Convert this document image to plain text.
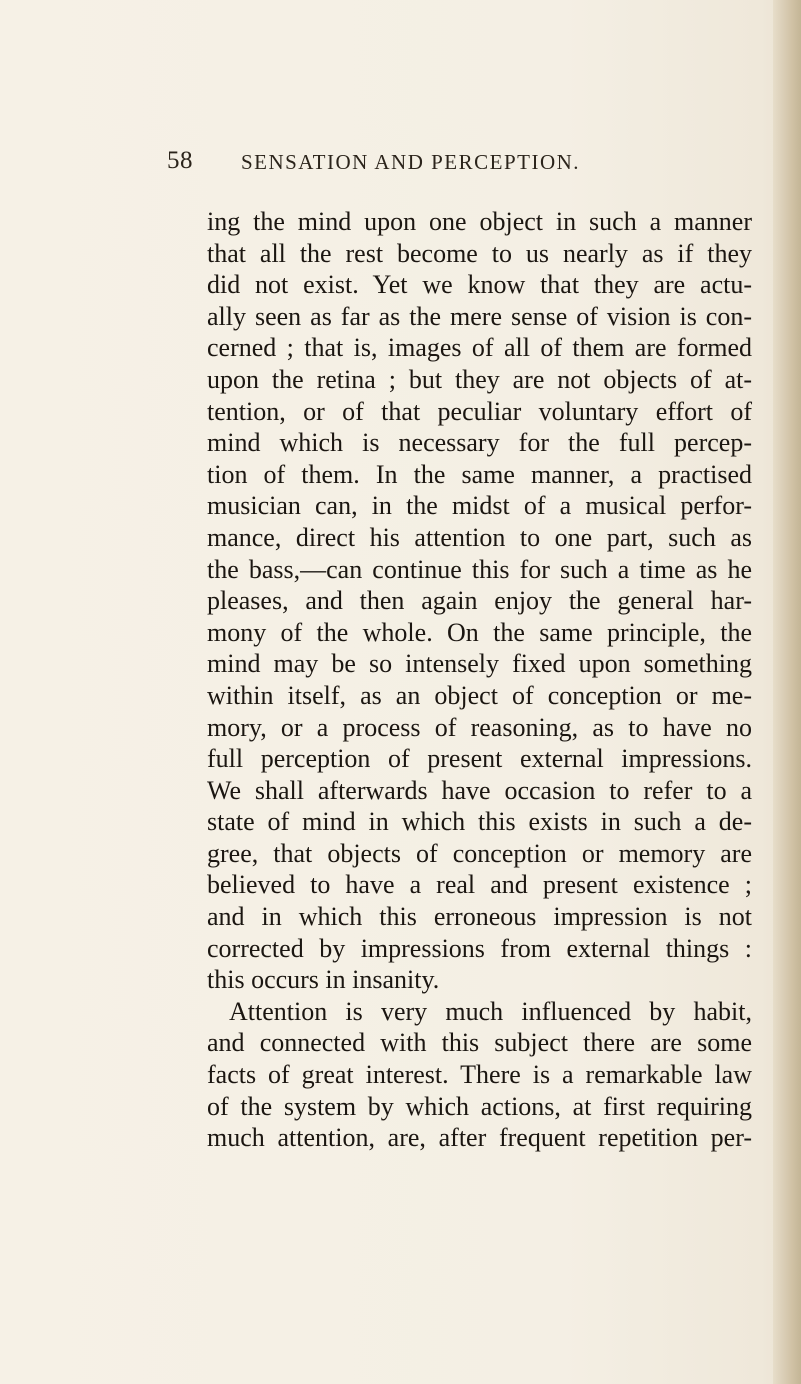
58	SENSATION AND PERCEPTION.
ing the mind upon one object in such a manner
that all the rest become to us nearly as if they
did not exist. Yet we know that they are actu-
ally seen as far as the mere sense of vision is con-
cerned ; that is, images of all of them are formed
upon the retina ; but they are not objects of at-
tention, or of that peculiar voluntary effort of
mind which is necessary for the full percep-
tion of them. In the same manner, a practised
musician can, in the midst of a musical perfor-
mance, direct his attention to one part, such as
the bass,—can continue this for such a time as he
pleases, and then again enjoy the general har-
mony of the whole. On the same principle, the
mind may be so intensely fixed upon something
within itself, as an object of conception or me-
mory, or a process of reasoning, as to have no
full perception of present external impressions.
We shall afterwards have occasion to refer to a
state of mind in which this exists in such a de-
gree, that objects of conception or memory are
believed to have a real and present existence ;
and in which this erroneous impression is not
corrected by impressions from external things :
this occurs in insanity.
Attention is very much influenced by habit,
and connected with this subject there are some
facts of great interest. There is a remarkable law
of the system by which actions, at first requiring
much attention, are, after frequent repetition per-
